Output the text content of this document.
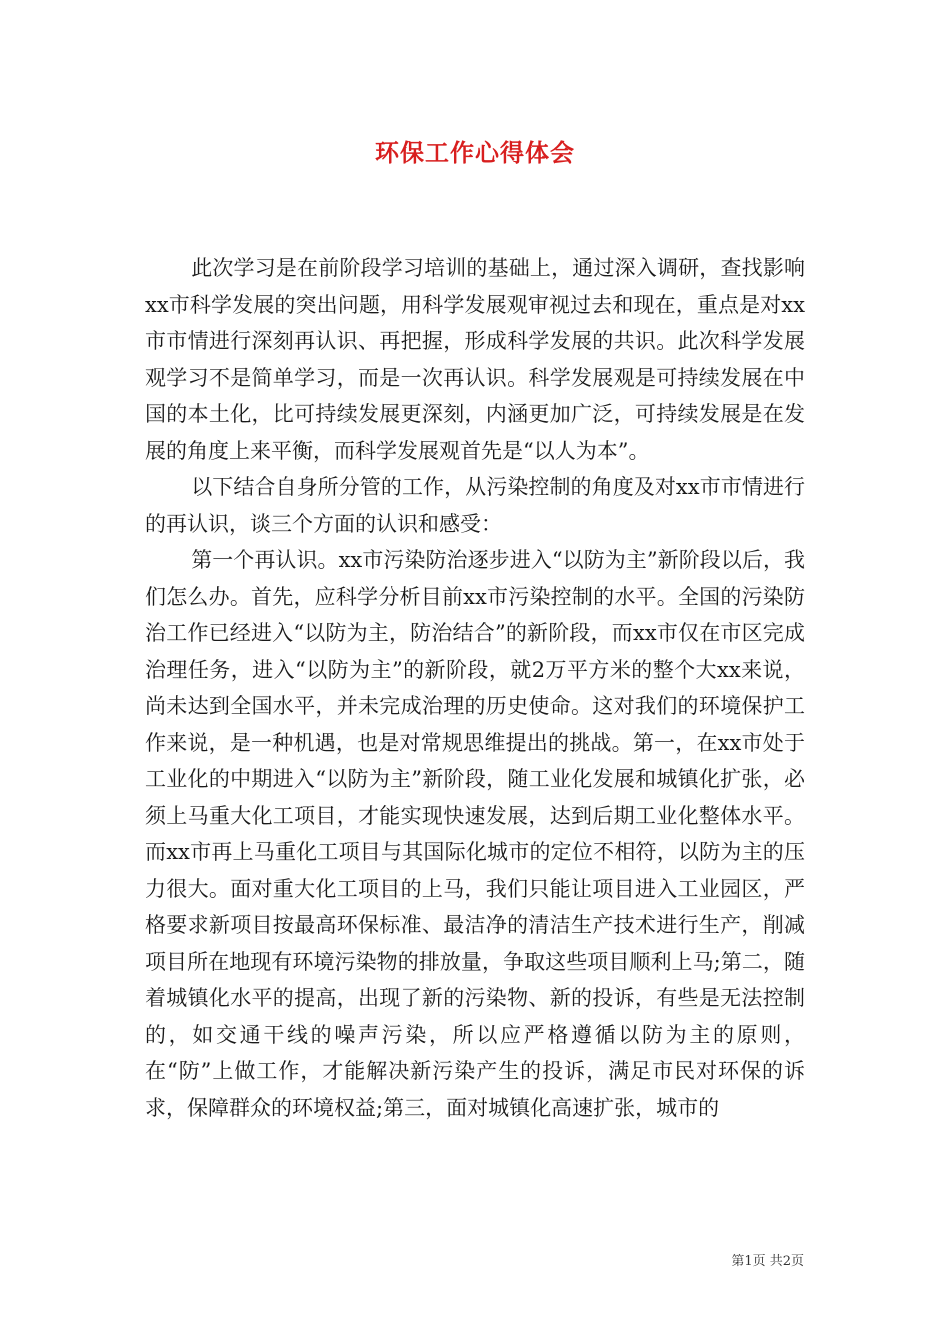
环保工作心得体会

此次学习是在前阶段学习培训的基础上，通过深入调研，查找影响xx市科学发展的突出问题，用科学发展观审视过去和现在，重点是对xx市市情进行深刻再认识、再把握，形成科学发展的共识。此次科学发展观学习不是简单学习，而是一次再认识。科学发展观是可持续发展在中国的本土化，比可持续发展更深刻，内涵更加广泛，可持续发展是在发展的角度上来平衡，而科学发展观首先是“以人为本”。

以下结合自身所分管的工作，从污染控制的角度及对xx市市情进行的再认识，谈三个方面的认识和感受：

第一个再认识。xx市污染防治逐步进入“以防为主”新阶段以后，我们怎么办。首先，应科学分析目前xx市污染控制的水平。全国的污染防治工作已经进入“以防为主，防治结合”的新阶段，而xx市仅在市区完成治理任务，进入“以防为主”的新阶段，就2万平方米的整个大xx来说，尚未达到全国水平，并未完成治理的历史使命。这对我们的环境保护工作来说，是一种机遇，也是对常规思维提出的挑战。第一，在xx市处于工业化的中期进入“以防为主”新阶段，随工业化发展和城镇化扩张，必须上马重大化工项目，才能实现快速发展，达到后期工业化整体水平。而xx市再上马重化工项目与其国际化城市的定位不相符，以防为主的压力很大。面对重大化工项目的上马，我们只能让项目进入工业园区，严格要求新项目按最高环保标准、最洁净的清洁生产技术进行生产，削减项目所在地现有环境污染物的排放量，争取这些项目顺利上马;第二，随着城镇化水平的提高，出现了新的污染物、新的投诉，有些是无法控制的，如交通干线的噪声污染，所以应严格遵循以防为主的原则，在“防”上做工作，才能解决新污染产生的投诉，满足市民对环保的诉求，保障群众的环境权益;第三，面对城镇化高速扩张，城市的

第1页 共2页
